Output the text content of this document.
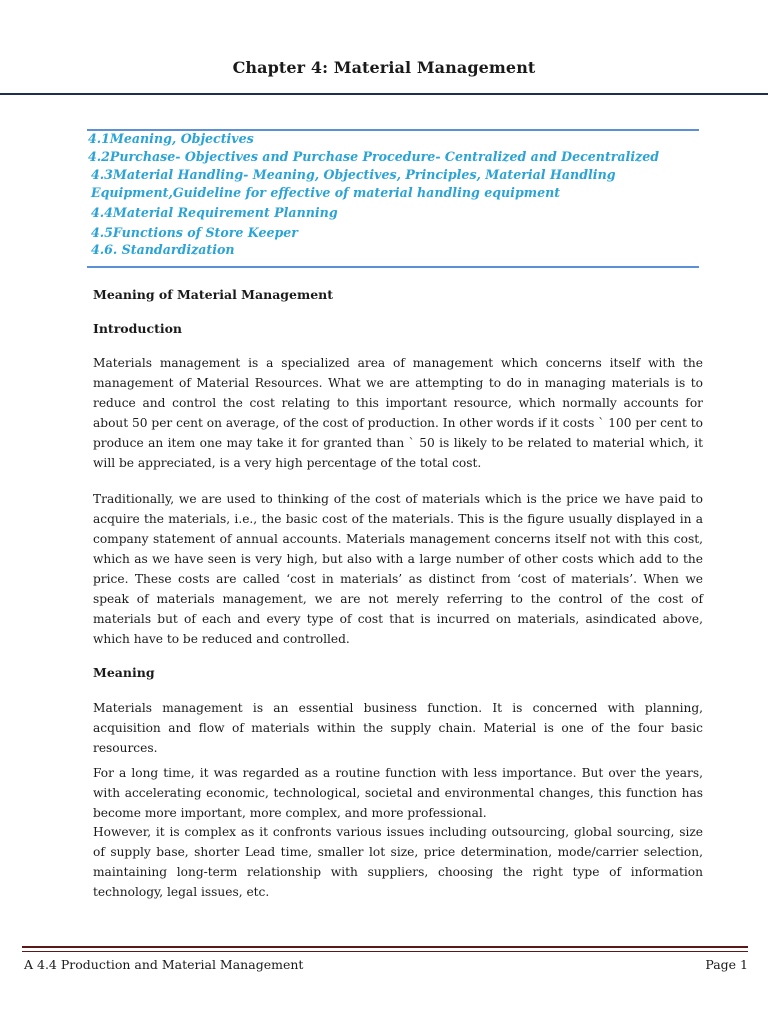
Chapter 4: Material Management
4.1Meaning, Objectives
4.2Purchase- Objectives and Purchase Procedure- Centralized and Decentralized
4.3Material Handling- Meaning, Objectives, Principles, Material Handling
Equipment,Guideline for effective of material handling equipment
4.4Material Requirement Planning
4.5Functions of Store Keeper
4.6. Standardization
Meaning of Material Management
Introduction
Materials management is a specialized area of management which concerns itself with the management of Material Resources. What we are attempting to do in managing materials is to reduce and control the cost relating to this important resource, which normally accounts for about 50 per cent on average, of the cost of production. In other words if it costs ` 100 per cent to produce an item one may take it for granted than ` 50 is likely to be related to material which, it will be appreciated, is a very high percentage of the total cost.
Traditionally, we are used to thinking of the cost of materials which is the price we have paid to acquire the materials, i.e., the basic cost of the materials. This is the figure usually displayed in a company statement of annual accounts. Materials management concerns itself not with this cost, which as we have seen is very high, but also with a large number of other costs which add to the price. These costs are called ‘cost in materials’ as distinct from ‘cost of materials’. When we speak of materials management, we are not merely referring to the control of the cost of materials but of each and every type of cost that is incurred on materials, asindicated above, which have to be reduced and controlled.
Meaning
Materials management is an essential business function. It is concerned with planning, acquisition and flow of materials within the supply chain. Material is one of the four basic resources.
For a long time, it was regarded as a routine function with less importance. But over the years, with accelerating economic, technological, societal and environmental changes, this function has become more important, more complex, and more professional.
However, it is complex as it confronts various issues including outsourcing, global sourcing, size of supply base, shorter Lead time, smaller lot size, price determination, mode/carrier selection, maintaining long-term relationship with suppliers, choosing the right type of information technology, legal issues, etc.
A 4.4 Production and Material Management	Page 1
